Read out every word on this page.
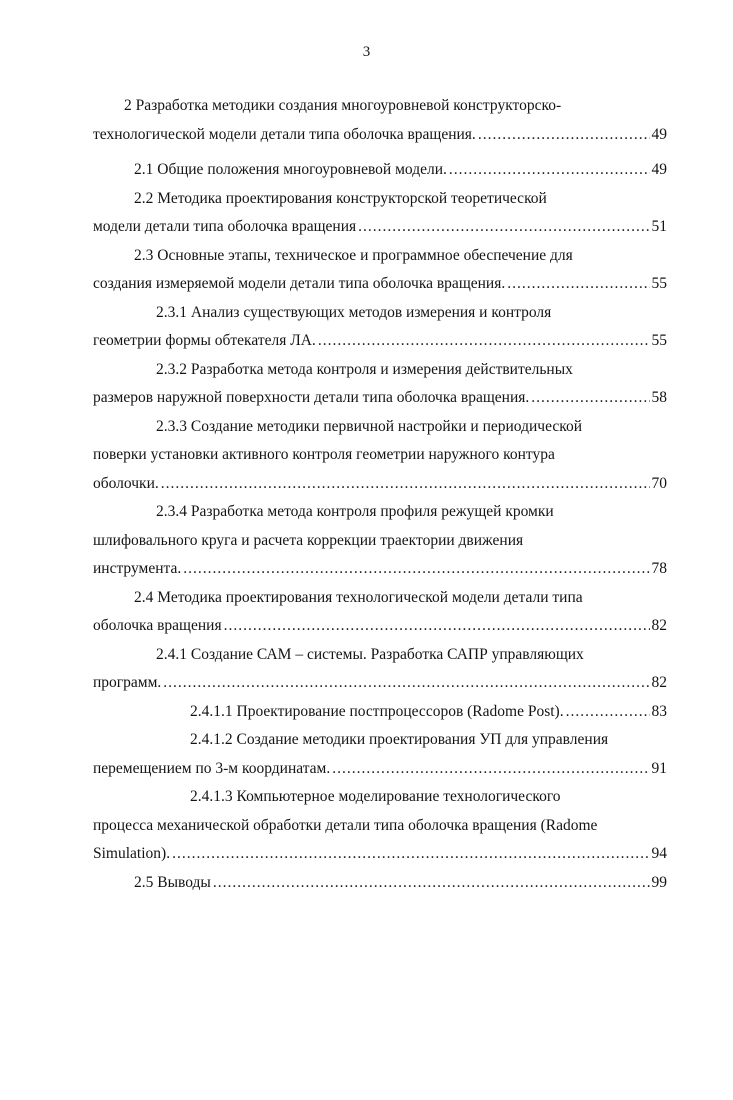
3
2 Разработка методики создания многоуровневой конструкторско-
технологической модели детали типа оболочка вращения. .....	49
2.1 Общие положения многоуровневой модели. .....	49
2.2 Методика проектирования конструкторской теоретической
модели детали типа оболочка вращения .....	51
2.3 Основные этапы, техническое и программное обеспечение для
создания измеряемой модели детали типа оболочка вращения. .....	55
2.3.1 Анализ существующих методов измерения и контроля
геометрии формы обтекателя ЛА. .....	55
2.3.2 Разработка метода контроля и измерения действительных
размеров наружной поверхности детали типа оболочка вращения. .....	58
2.3.3 Создание методики первичной настройки и периодической
поверки установки активного контроля геометрии наружного контура
оболочки. .....	70
2.3.4 Разработка метода контроля профиля режущей кромки
шлифовального круга и расчета коррекции траектории движения
инструмента. .....	78
2.4 Методика проектирования технологической модели детали типа
оболочка вращения .....	82
2.4.1 Создание САМ – системы. Разработка САПР управляющих
программ. .....	82
2.4.1.1 Проектирование постпроцессоров (Radome Post). .....	83
2.4.1.2 Создание методики проектирования УП для управления
перемещением по 3-м координатам. .....	91
2.4.1.3 Компьютерное моделирование технологического
процесса механической обработки детали типа оболочка вращения (Radome
Simulation). .....	94
2.5 Выводы .....	99
